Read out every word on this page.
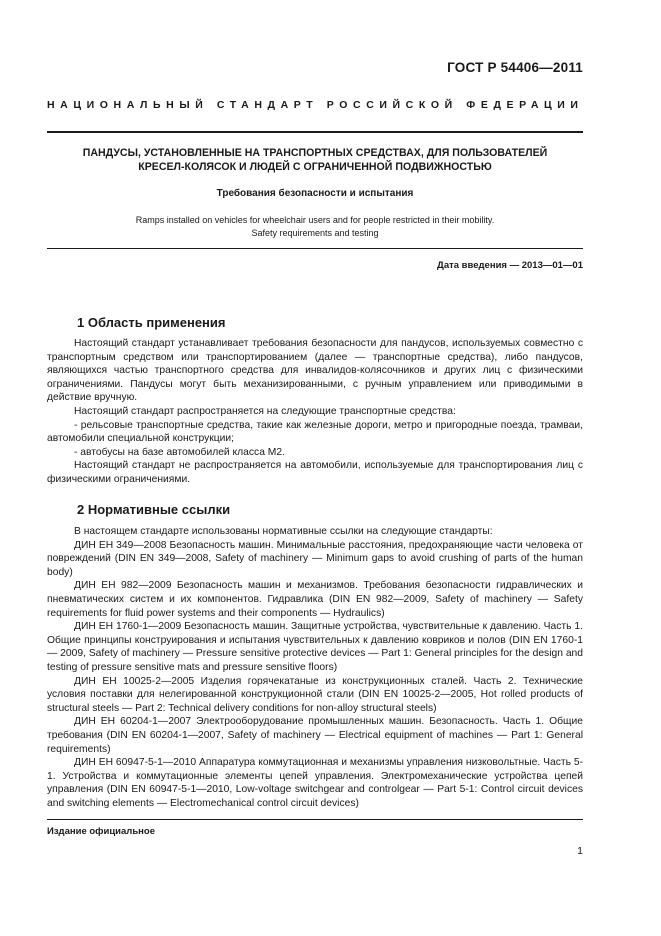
ГОСТ Р 54406—2011
НАЦИОНАЛЬНЫЙ СТАНДАРТ РОССИЙСКОЙ ФЕДЕРАЦИИ
ПАНДУСЫ, УСТАНОВЛЕННЫЕ НА ТРАНСПОРТНЫХ СРЕДСТВАХ, ДЛЯ ПОЛЬЗОВАТЕЛЕЙ
КРЕСЕЛ-КОЛЯСОК И ЛЮДЕЙ С ОГРАНИЧЕННОЙ ПОДВИЖНОСТЬЮ
Требования безопасности и испытания
Ramps installed on vehicles for wheelchair users and for people restricted in their mobility.
Safety requirements and testing
Дата введения — 2013—01—01
1 Область применения

Настоящий стандарт устанавливает требования безопасности для пандусов, используемых совместно с транспортным средством или транспортированием (далее — транспортные средства), либо пандусов, являющихся частью транспортного средства для инвалидов-колясочников и других лиц с физическими ограничениями. Пандусы могут быть механизированными, с ручным управлением или приводимыми в действие вручную.

Настоящий стандарт распространяется на следующие транспортные средства:

- рельсовые транспортные средства, такие как железные дороги, метро и пригородные поезда, трамваи, автомобили специальной конструкции;

- автобусы на базе автомобилей класса М2.

Настоящий стандарт не распространяется на автомобили, используемые для транспортирования лиц с физическими ограничениями.

2 Нормативные ссылки

В настоящем стандарте использованы нормативные ссылки на следующие стандарты:

ДИН ЕН 349—2008 Безопасность машин. Минимальные расстояния, предохраняющие части человека от повреждений (DIN EN 349—2008, Safety of machinery — Minimum gaps to avoid crushing of parts of the human body)

ДИН ЕН 982—2009 Безопасность машин и механизмов. Требования безопасности гидравлических и пневматических систем и их компонентов. Гидравлика (DIN EN 982—2009, Safety of machinery — Safety requirements for fluid power systems and their components — Hydraulics)

ДИН ЕН 1760-1—2009 Безопасность машин. Защитные устройства, чувствительные к давлению. Часть 1. Общие принципы конструирования и испытания чувствительных к давлению ковриков и полов (DIN EN 1760-1 — 2009, Safety of machinery — Pressure sensitive protective devices — Part 1: General principles for the design and testing of pressure sensitive mats and pressure sensitive floors)

ДИН ЕН 10025-2—2005 Изделия горячекатаные из конструкционных сталей. Часть 2. Технические условия поставки для нелегированной конструкционной стали (DIN EN 10025-2—2005, Hot rolled products of structural steels — Part 2: Technical delivery conditions for non-alloy structural steels)

ДИН ЕН 60204-1—2007 Электрооборудование промышленных машин. Безопасность. Часть 1. Общие требования (DIN EN 60204-1—2007, Safety of machinery — Electrical equipment of machines — Part 1: General requirements)

ДИН ЕН 60947-5-1—2010 Аппаратура коммутационная и механизмы управления низковольтные. Часть 5-1. Устройства и коммутационные элементы цепей управления. Электромеханические устройства цепей управления (DIN EN 60947-5-1—2010, Low-voltage switchgear and controlgear — Part 5-1: Control circuit devices and switching elements — Electromechanical control circuit devices)

Издание официальное
1
